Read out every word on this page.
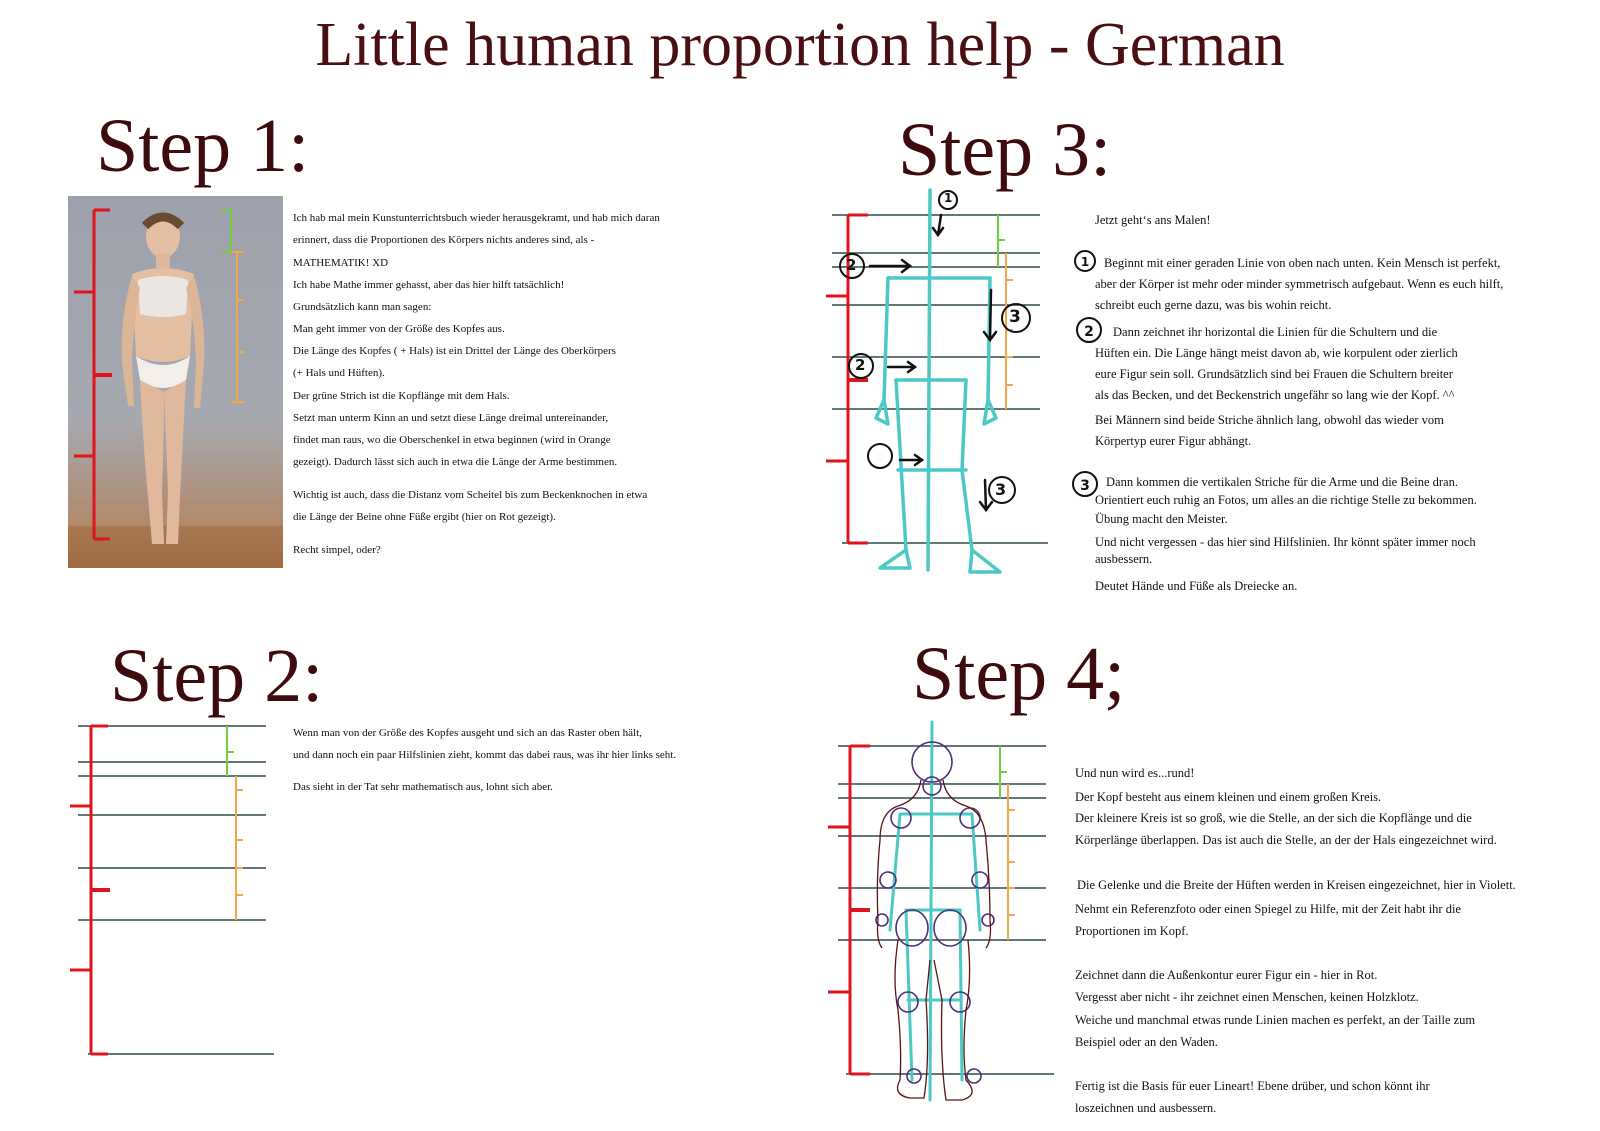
Little human proportion help - German
Step 1:

Ich hab mal mein Kunstunterrichtsbuch wieder herausgekramt, und hab mich daran

erinnert, dass die Proportionen des Körpers nichts anderes sind, als -

MATHEMATIK! XD

Ich habe Mathe immer gehasst, aber das hier hilft tatsächlich!

Grundsätzlich kann man sagen:

Man geht immer von der Größe des Kopfes aus.

Die Länge des Kopfes ( + Hals) ist ein Drittel der Länge des Oberkörpers

(+ Hals und Hüften).

Der grüne Strich ist die Kopflänge mit dem Hals.

Setzt man unterm Kinn an und setzt diese Länge dreimal untereinander,

findet man raus, wo die Oberschenkel in etwa beginnen (wird in Orange

gezeigt). Dadurch lässt sich auch in etwa die Länge der Arme bestimmen.

Wichtig ist auch, dass die Distanz vom Scheitel bis zum Beckenknochen in etwa

die Länge der Beine ohne Füße ergibt (hier on Rot gezeigt).

Recht simpel, oder?

Step 2:

Wenn man von der Größe des Kopfes ausgeht und sich an das Raster oben hält,

und dann noch ein paar Hilfslinien zieht, kommt das dabei raus, was ihr hier links seht.

Das sieht in der Tat sehr mathematisch aus, lohnt sich aber.

Step 3:
1
2
2
3
3
1
2
3

Jetzt geht‘s ans Malen!

Beginnt mit einer geraden Linie von oben nach unten. Kein Mensch ist perfekt,

aber der Körper ist mehr oder minder symmetrisch aufgebaut. Wenn es euch hilft,

schreibt euch gerne dazu, was bis wohin reicht.

Dann zeichnet ihr horizontal die Linien für die Schultern und die

Hüften ein. Die Länge hängt meist davon ab, wie korpulent oder zierlich

eure Figur sein soll. Grundsätzlich sind bei Frauen die Schultern breiter

als das Becken, und det Beckenstrich ungefähr so lang wie der Kopf. ^^

Bei Männern sind beide Striche ähnlich lang, obwohl das wieder vom

Körpertyp eurer Figur abhängt.

Dann kommen die vertikalen Striche für die Arme und die Beine dran.

Orientiert euch ruhig an Fotos, um alles an die richtige Stelle zu bekommen.

Übung macht den Meister.

Und nicht vergessen - das hier sind Hilfslinien. Ihr könnt später immer noch

ausbessern.

Deutet Hände und Füße als Dreiecke an.

Step 4;

Und nun wird es...rund!

Der Kopf besteht aus einem kleinen und einem großen Kreis.

Der kleinere Kreis ist so groß, wie die Stelle, an der sich die Kopflänge und die

Körperlänge überlappen. Das ist auch die Stelle, an der der Hals eingezeichnet wird.

Die Gelenke und die Breite der Hüften werden in Kreisen eingezeichnet, hier in Violett.

Nehmt ein Referenzfoto oder einen Spiegel zu Hilfe, mit der Zeit habt ihr die

Proportionen im Kopf.

Zeichnet dann die Außenkontur eurer Figur ein - hier in Rot.

Vergesst aber nicht - ihr zeichnet einen Menschen, keinen Holzklotz.

Weiche und manchmal etwas runde Linien machen es perfekt, an der Taille zum

Beispiel oder an den Waden.

Fertig ist die Basis für euer Lineart! Ebene drüber, und schon könnt ihr

loszeichnen und ausbessern.
